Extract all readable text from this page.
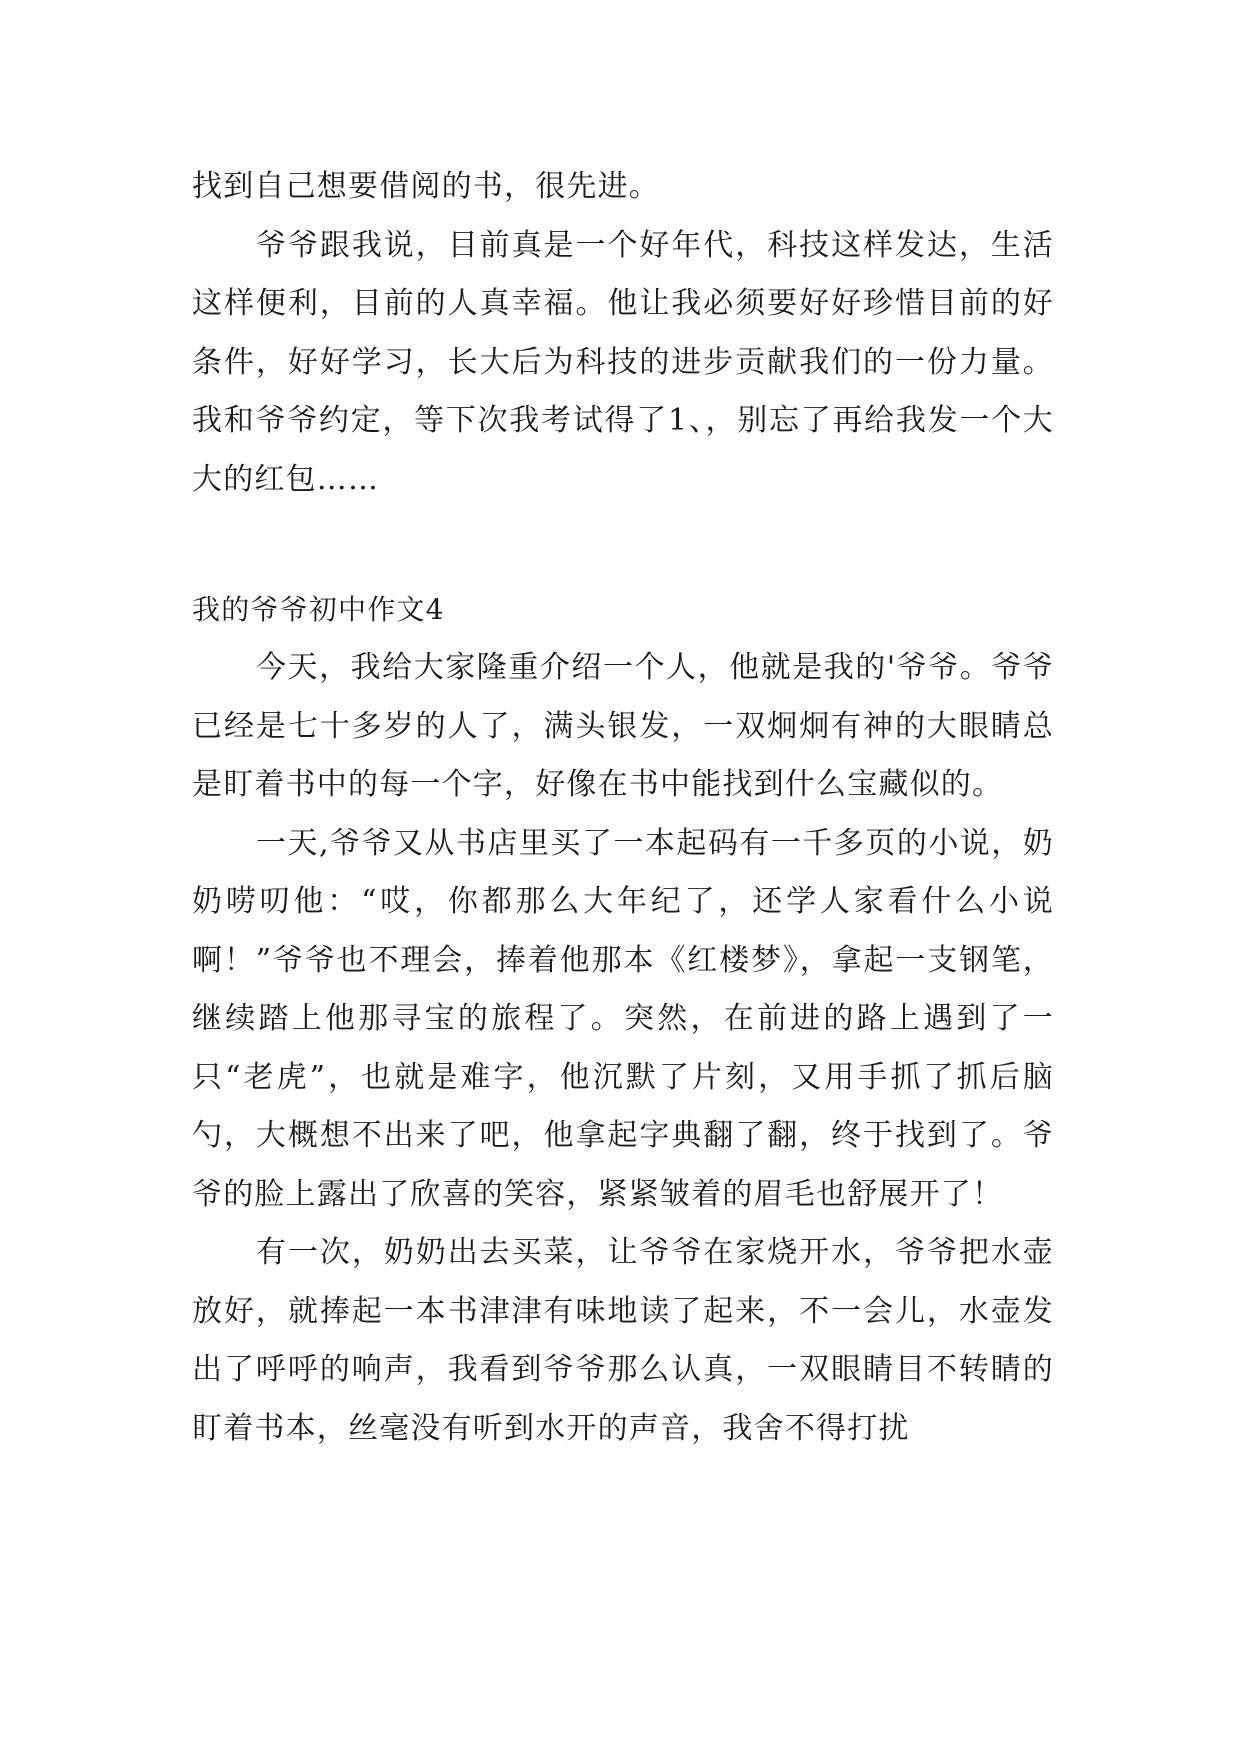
找到自己想要借阅的书，很先进。

爷爷跟我说，目前真是一个好年代，科技这样发达，生活这样便利，目前的人真幸福。他让我必须要好好珍惜目前的好条件，好好学习，长大后为科技的进步贡献我们的一份力量。我和爷爷约定，等下次我考试得了1、，别忘了再给我发一个大大的红包……

我的爷爷初中作文4

今天，我给大家隆重介绍一个人，他就是我的'爷爷。爷爷已经是七十多岁的人了，满头银发，一双炯炯有神的大眼睛总是盯着书中的每一个字，好像在书中能找到什么宝藏似的。

一天,爷爷又从书店里买了一本起码有一千多页的小说，奶奶唠叨他：“哎，你都那么大年纪了，还学人家看什么小说啊！”爷爷也不理会，捧着他那本《红楼梦》，拿起一支钢笔，继续踏上他那寻宝的旅程了。突然，在前进的路上遇到了一只“老虎”，也就是难字，他沉默了片刻，又用手抓了抓后脑勺，大概想不出来了吧，他拿起字典翻了翻，终于找到了。爷爷的脸上露出了欣喜的笑容，紧紧皱着的眉毛也舒展开了！

有一次，奶奶出去买菜，让爷爷在家烧开水，爷爷把水壶放好，就捧起一本书津津有味地读了起来，不一会儿，水壶发出了呼呼的响声，我看到爷爷那么认真，一双眼睛目不转睛的盯着书本，丝毫没有听到水开的声音，我舍不得打扰
